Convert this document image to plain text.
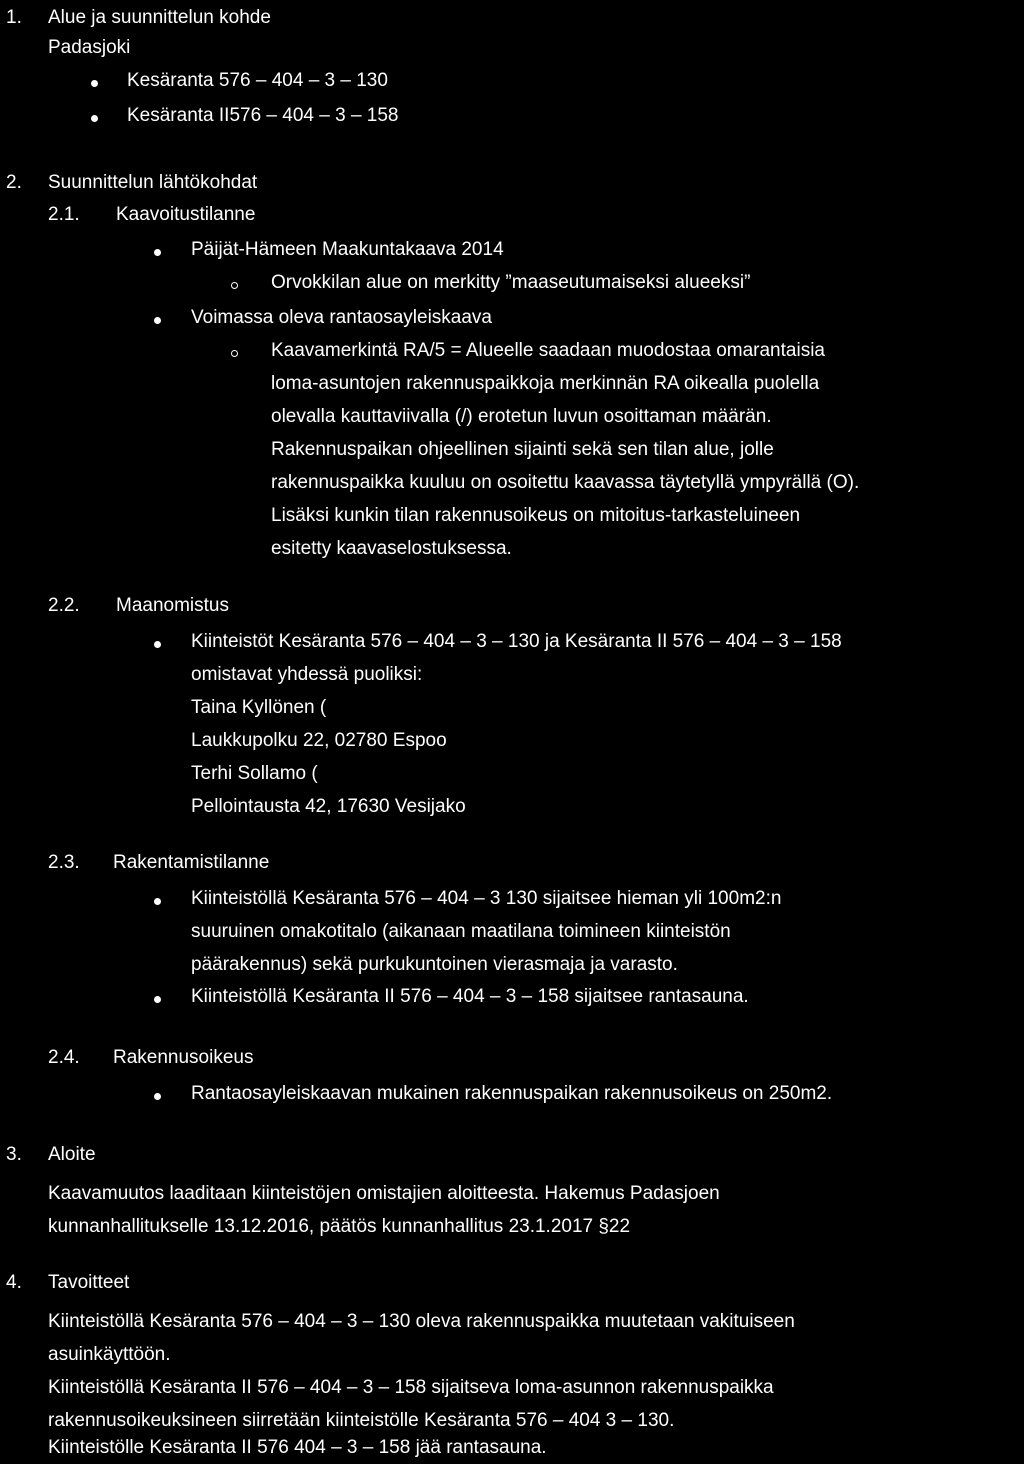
1. Alue ja suunnittelun kohde
Padasjoki
Kesäranta 576 – 404 – 3 – 130
Kesäranta II576 – 404 – 3 – 158
2. Suunnittelun lähtökohdat
2.1. Kaavoitustilanne
Päijät-Hämeen Maakuntakaava 2014
Orvokkilan alue on merkitty ”maaseutumaiseksi alueeksi”
Voimassa oleva rantaosayleiskaava
Kaavamerkintä RA/5 = Alueelle saadaan muodostaa omarantaisia
loma-asuntojen rakennuspaikkoja merkinnän RA oikealla puolella
olevalla kauttaviivalla (/) erotetun luvun osoittaman määrän.
Rakennuspaikan ohjeellinen sijainti sekä sen tilan alue, jolle
rakennuspaikka kuuluu on osoitettu kaavassa täytetyllä ympyrällä (O).
Lisäksi kunkin tilan rakennusoikeus on mitoitus-tarkasteluineen
esitetty kaavaselostuksessa.
2.2. Maanomistus
Kiinteistöt Kesäranta 576 – 404 – 3 – 130 ja Kesäranta II 576 – 404 – 3 – 158
omistavat yhdessä puoliksi:
Taina Kyllönen (
Laukkupolku 22, 02780 Espoo
Terhi Sollamo (
Pellointausta 42, 17630 Vesijako
2.3. Rakentamistilanne
Kiinteistöllä Kesäranta 576 – 404 – 3 130 sijaitsee hieman yli 100m2:n
suuruinen omakotitalo (aikanaan maatilana toimineen kiinteistön
päärakennus) sekä purkukuntoinen vierasmaja ja varasto.
Kiinteistöllä Kesäranta II 576 – 404 – 3 – 158 sijaitsee rantasauna.
2.4. Rakennusoikeus
Rantaosayleiskaavan mukainen rakennuspaikan rakennusoikeus on 250m2.
3. Aloite
Kaavamuutos laaditaan kiinteistöjen omistajien aloitteesta. Hakemus Padasjoen
kunnanhallitukselle 13.12.2016, päätös kunnanhallitus 23.1.2017 §22
4. Tavoitteet
Kiinteistöllä Kesäranta 576 – 404 – 3 – 130 oleva rakennuspaikka muutetaan vakituiseen
asuinkäyttöön.
Kiinteistöllä Kesäranta II 576 – 404 – 3 – 158 sijaitseva loma-asunnon rakennuspaikka
rakennusoikeuksineen siirretään kiinteistölle Kesäranta 576 – 404 3 – 130.
Kiinteistölle Kesäranta II 576 404 – 3 – 158 jää rantasauna.
